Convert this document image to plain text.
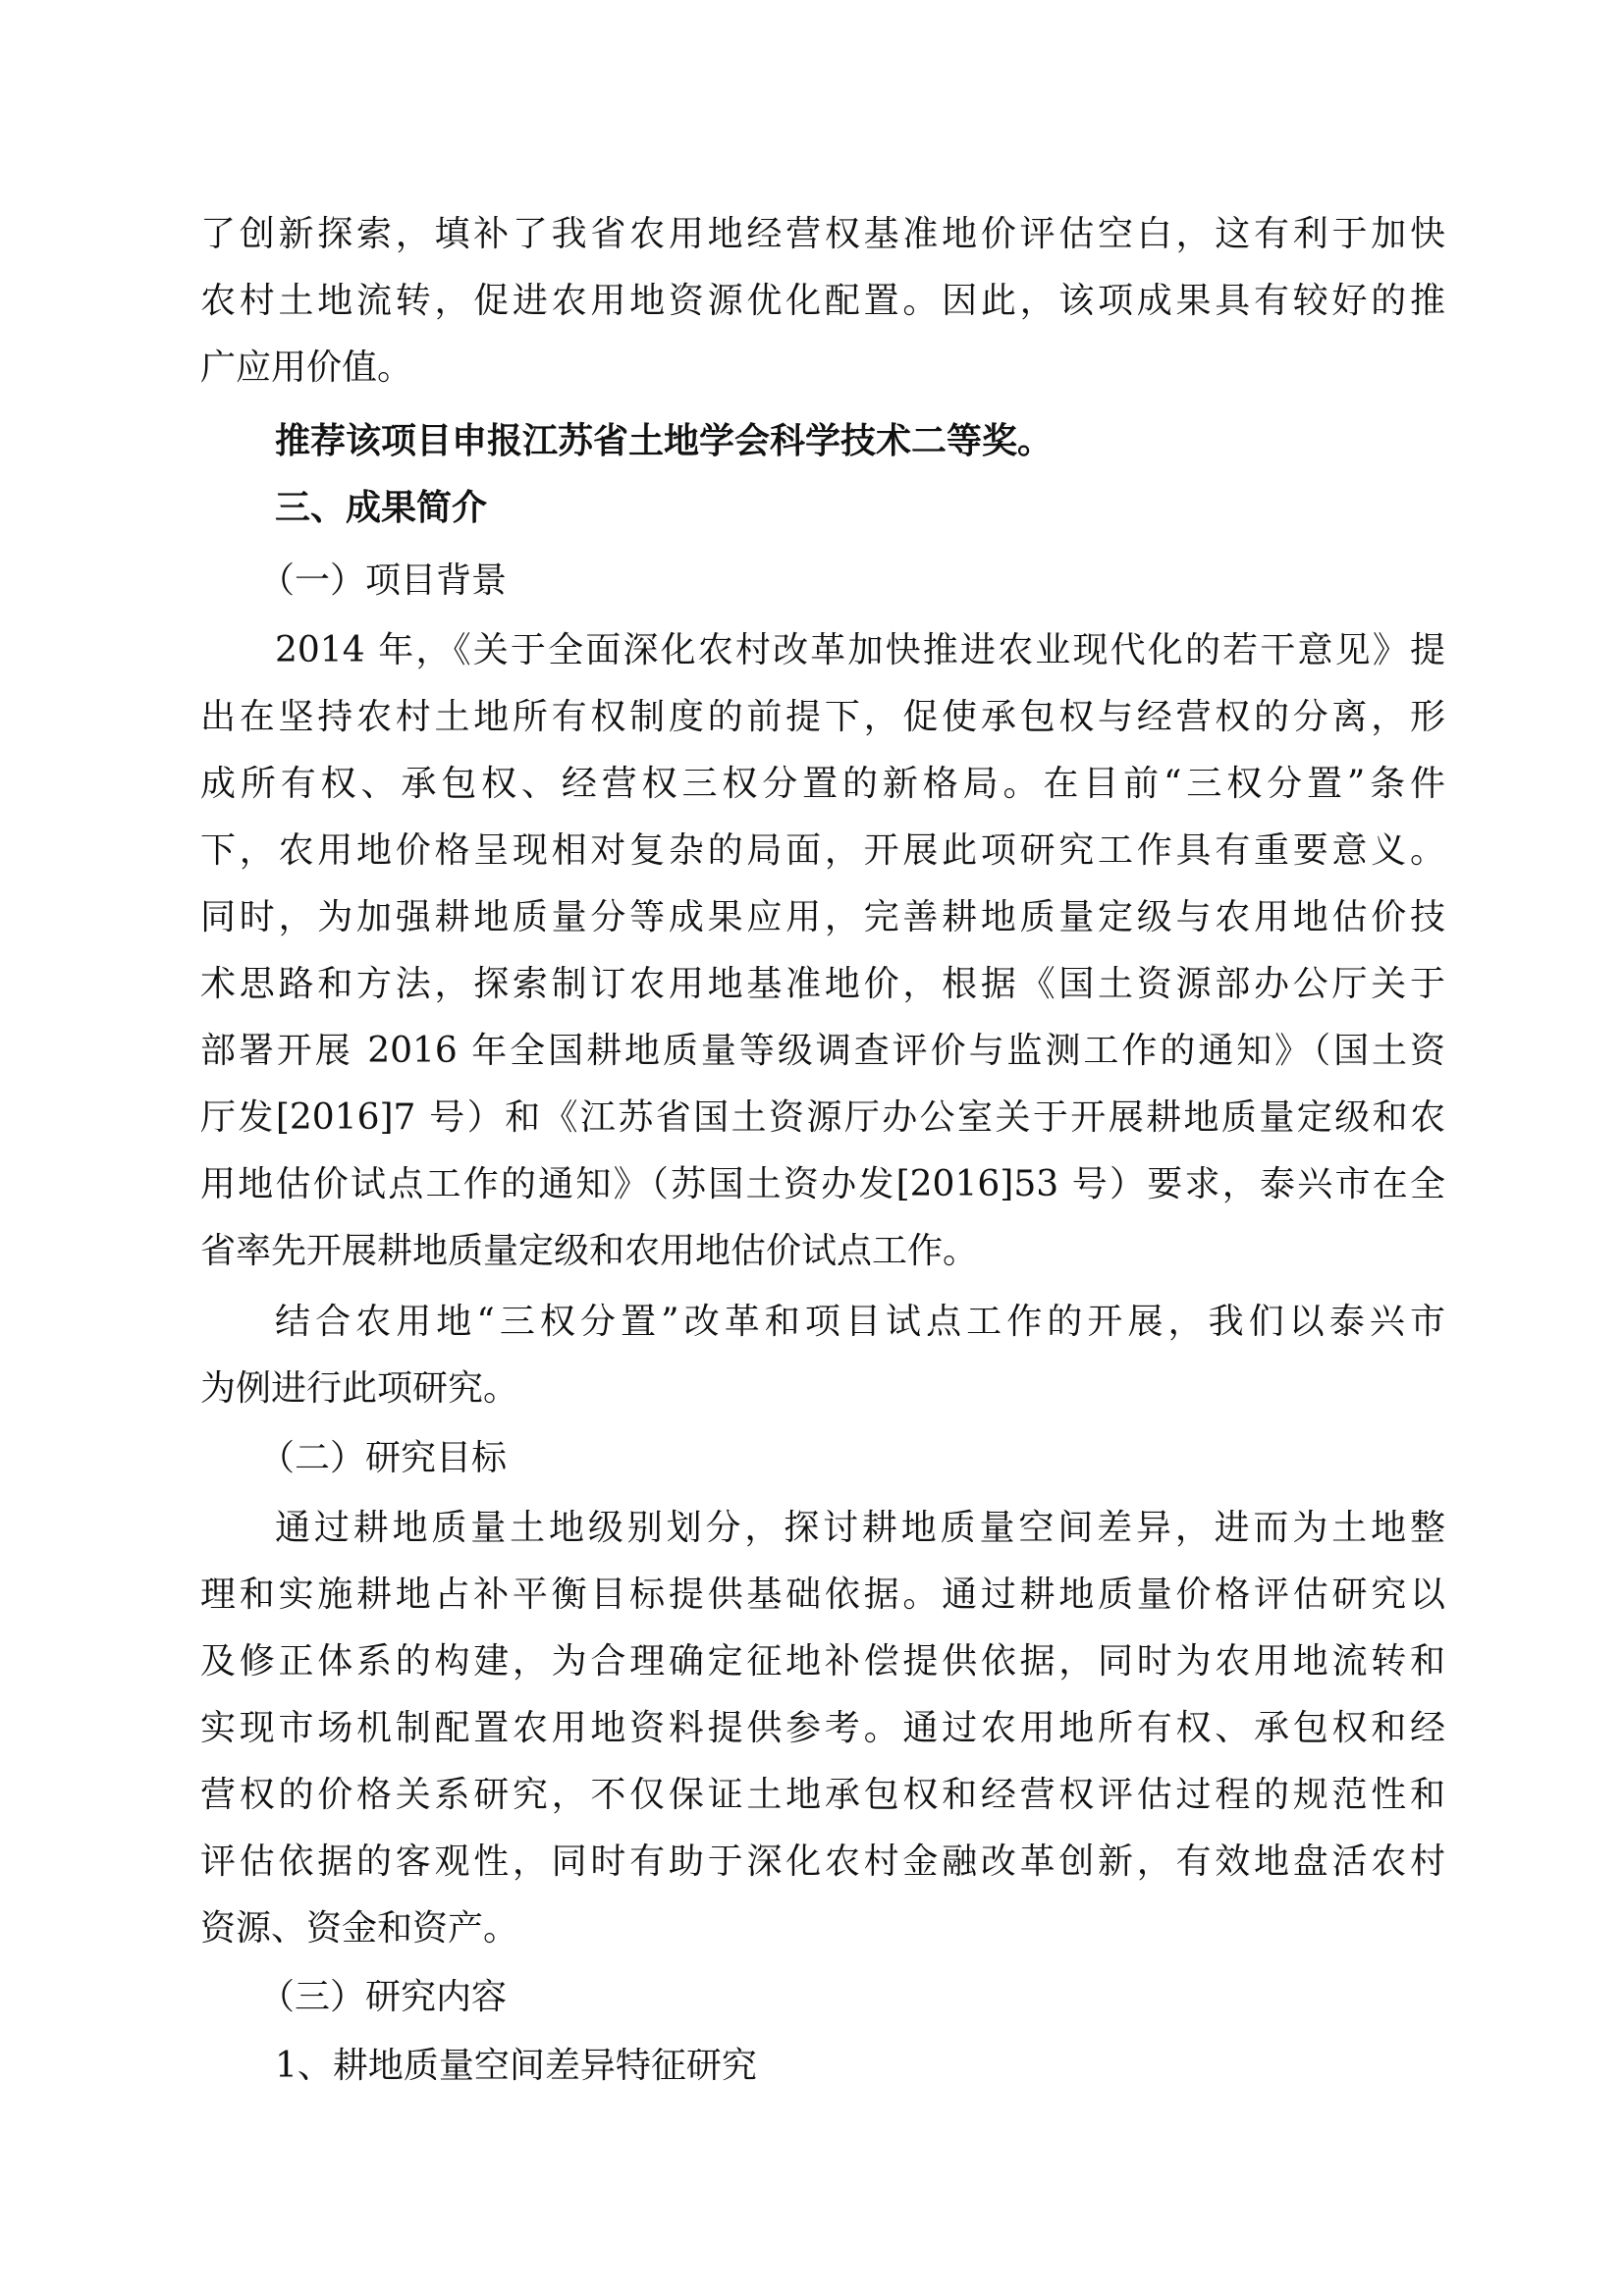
了创新探索，填补了我省农用地经营权基准地价评估空白，这有利于加快
农村土地流转，促进农用地资源优化配置。因此，该项成果具有较好的推
广应用价值。
推荐该项目申报江苏省土地学会科学技术二等奖。
三、成果简介
（一）项目背景
2014 年，《关于全面深化农村改革加快推进农业现代化的若干意见》提
出在坚持农村土地所有权制度的前提下，促使承包权与经营权的分离，形
成所有权、承包权、经营权三权分置的新格局。在目前“三权分置”条件
下，农用地价格呈现相对复杂的局面，开展此项研究工作具有重要意义。
同时，为加强耕地质量分等成果应用，完善耕地质量定级与农用地估价技
术思路和方法，探索制订农用地基准地价，根据《国土资源部办公厅关于
部署开展 2016 年全国耕地质量等级调查评价与监测工作的通知》（国土资
厅发[2016]7 号）和《江苏省国土资源厅办公室关于开展耕地质量定级和农
用地估价试点工作的通知》（苏国土资办发[2016]53 号）要求，泰兴市在全
省率先开展耕地质量定级和农用地估价试点工作。
结合农用地“三权分置”改革和项目试点工作的开展，我们以泰兴市
为例进行此项研究。
（二）研究目标
通过耕地质量土地级别划分，探讨耕地质量空间差异，进而为土地整
理和实施耕地占补平衡目标提供基础依据。通过耕地质量价格评估研究以
及修正体系的构建，为合理确定征地补偿提供依据，同时为农用地流转和
实现市场机制配置农用地资料提供参考。通过农用地所有权、承包权和经
营权的价格关系研究，不仅保证土地承包权和经营权评估过程的规范性和
评估依据的客观性，同时有助于深化农村金融改革创新，有效地盘活农村
资源、资金和资产。
（三）研究内容
1、耕地质量空间差异特征研究
